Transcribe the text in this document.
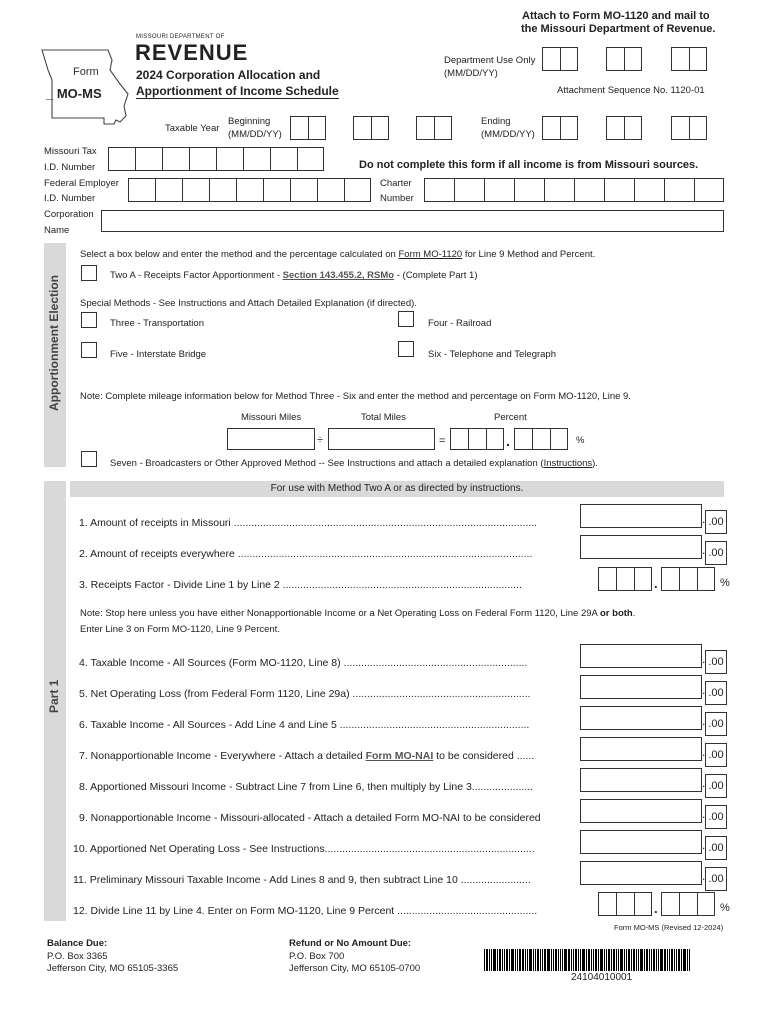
Attach to Form MO-1120 and mail to
the Missouri Department of Revenue.
Form
_ MO-MS
MISSOURI DEPARTMENT OF
REVENUE
2024 Corporation Allocation and
Apportionment of Income Schedule
Department Use Only
(MM/DD/YY)
Attachment Sequence No. 1120-01
Taxable Year
Beginning
(MM/DD/YY)
Ending
(MM/DD/YY)
Missouri Tax
I.D. Number	Do not complete this form if all income is from Missouri sources.
Federal Employer
I.D. Number
Charter
Number
Corporation
Name
Apportionment Election
Select a box below and enter the method and the percentage calculated on Form MO-1120 for Line 9 Method and Percent.
Two A - Receipts Factor Apportionment - Section 143.455.2, RSMo - (Complete Part 1)
Special Methods - See Instructions and Attach Detailed Explanation (if directed).
Three - Transportation	Four - Railroad
Five - Interstate Bridge	Six - Telephone and Telegraph
Note: Complete mileage information below for Method Three - Six and enter the method and percentage on Form MO-1120, Line 9.
Missouri Miles	Total Miles	Percent
÷	=	.	%
Seven - Broadcasters or Other Approved Method -- See Instructions and attach a detailed explanation (Instructions).
Part 1
For use with Method Two A or as directed by instructions.
1. Amount of receipts in Missouri ........................................................................................................	. .00
2. Amount of receipts everywhere .....................................................................................................	. .00
3. Receipts Factor - Divide Line 1 by Line 2 ..................................................................................	.	%
Note: Stop here unless you have either Nonapportionable Income or a Net Operating Loss on Federal Form 1120, Line 29A or both.
Enter Line 3 on Form MO-1120, Line 9 Percent.
4. Taxable Income - All Sources (Form MO-1120, Line 8) ...............................................................	. .00
5. Net Operating Loss (from Federal Form 1120, Line 29a) .............................................................	. .00
6. Taxable Income - All Sources - Add Line 4 and Line 5 .................................................................	. .00
7. Nonapportionable Income - Everywhere - Attach a detailed Form MO-NAI to be considered ......	. .00
8. Apportioned Missouri Income - Subtract Line 7 from Line 6, then multiply by Line 3.....................	. .00
9. Nonapportionable Income - Missouri-allocated - Attach a detailed Form MO-NAI to be considered	. .00
10. Apportioned Net Operating Loss - See Instructions........................................................................	. .00
11. Preliminary Missouri Taxable Income - Add Lines 8 and 9, then subtract Line 10 ........................	. .00
12. Divide Line 11 by Line 4. Enter on Form MO-1120, Line 9 Percent ................................................	.	%
Form MO-MS (Revised 12-2024)
Balance Due:
P.O. Box 3365
Jefferson City, MO 65105-3365
Refund or No Amount Due:
P.O. Box 700
Jefferson City, MO 65105-0700
24104010001
